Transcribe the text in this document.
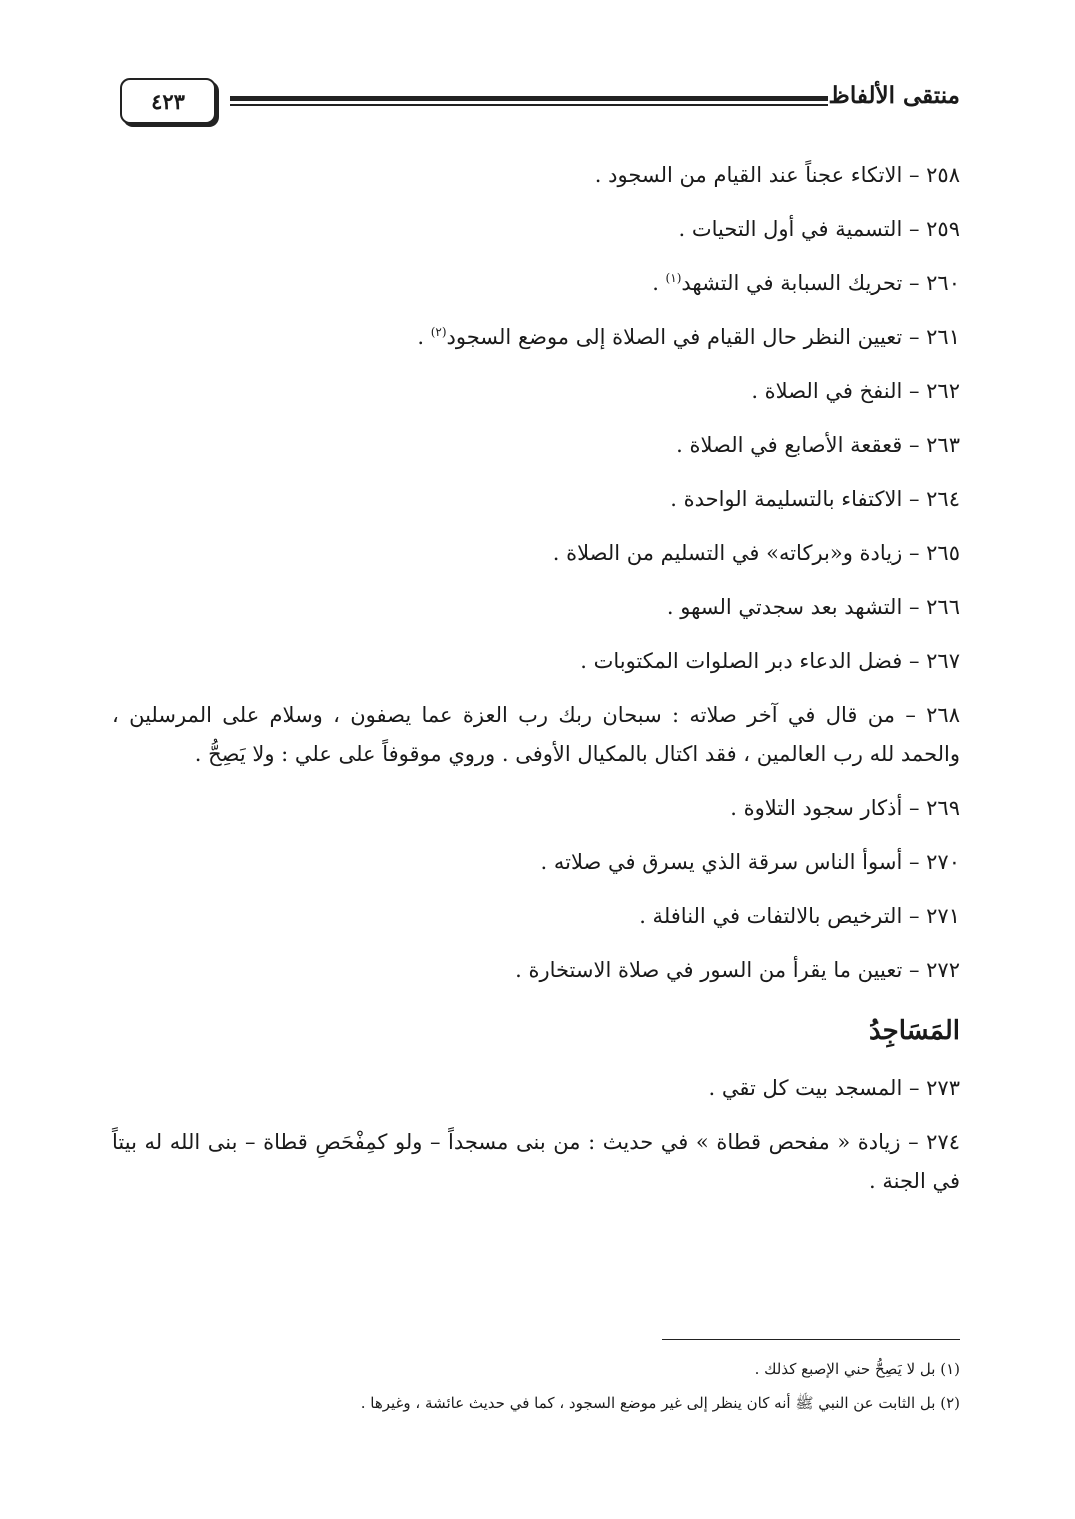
٤٢٣	منتقى الألفاظ
٢٥٨ – الاتكاء عجناً عند القيام من السجود .
٢٥٩ – التسمية في أول التحيات .
٢٦٠ – تحريك السبابة في التشهد$^{(١)}$ .
٢٦١ – تعيين النظر حال القيام في الصلاة إلى موضع السجود$^{(٢)}$ .
٢٦٢ – النفخ في الصلاة .
٢٦٣ – قعقعة الأصابع في الصلاة .
٢٦٤ – الاكتفاء بالتسليمة الواحدة .
٢٦٥ – زيادة و«بركاته» في التسليم من الصلاة .
٢٦٦ – التشهد بعد سجدتي السهو .
٢٦٧ – فضل الدعاء دبر الصلوات المكتوبات .
٢٦٨ – من قال في آخر صلاته : سبحان ربك رب العزة عما يصفون ، وسلام على المرسلين ، والحمد لله رب العالمين ، فقد اكتال بالمكيال الأوفى . وروي موقوفاً على علي : ولا يَصِحُّ .
٢٦٩ – أذكار سجود التلاوة .
٢٧٠ – أسوأ الناس سرقة الذي يسرق في صلاته .
٢٧١ – الترخيص بالالتفات في النافلة .
٢٧٢ – تعيين ما يقرأ من السور في صلاة الاستخارة .
المَسَاجِدُ
٢٧٣ – المسجد بيت كل تقي .
٢٧٤ – زيادة « مفحص قطاة » في حديث : من بنى مسجداً – ولو كمِفْحَصِ قطاة – بنى الله له بيتاً في الجنة .
(١) بل لا يَصِحُّ حني الإصبع كذلك .
(٢) بل الثابت عن النبي ﷺ أنه كان ينظر إلى غير موضع السجود ، كما في حديث عائشة ، وغيرها .
